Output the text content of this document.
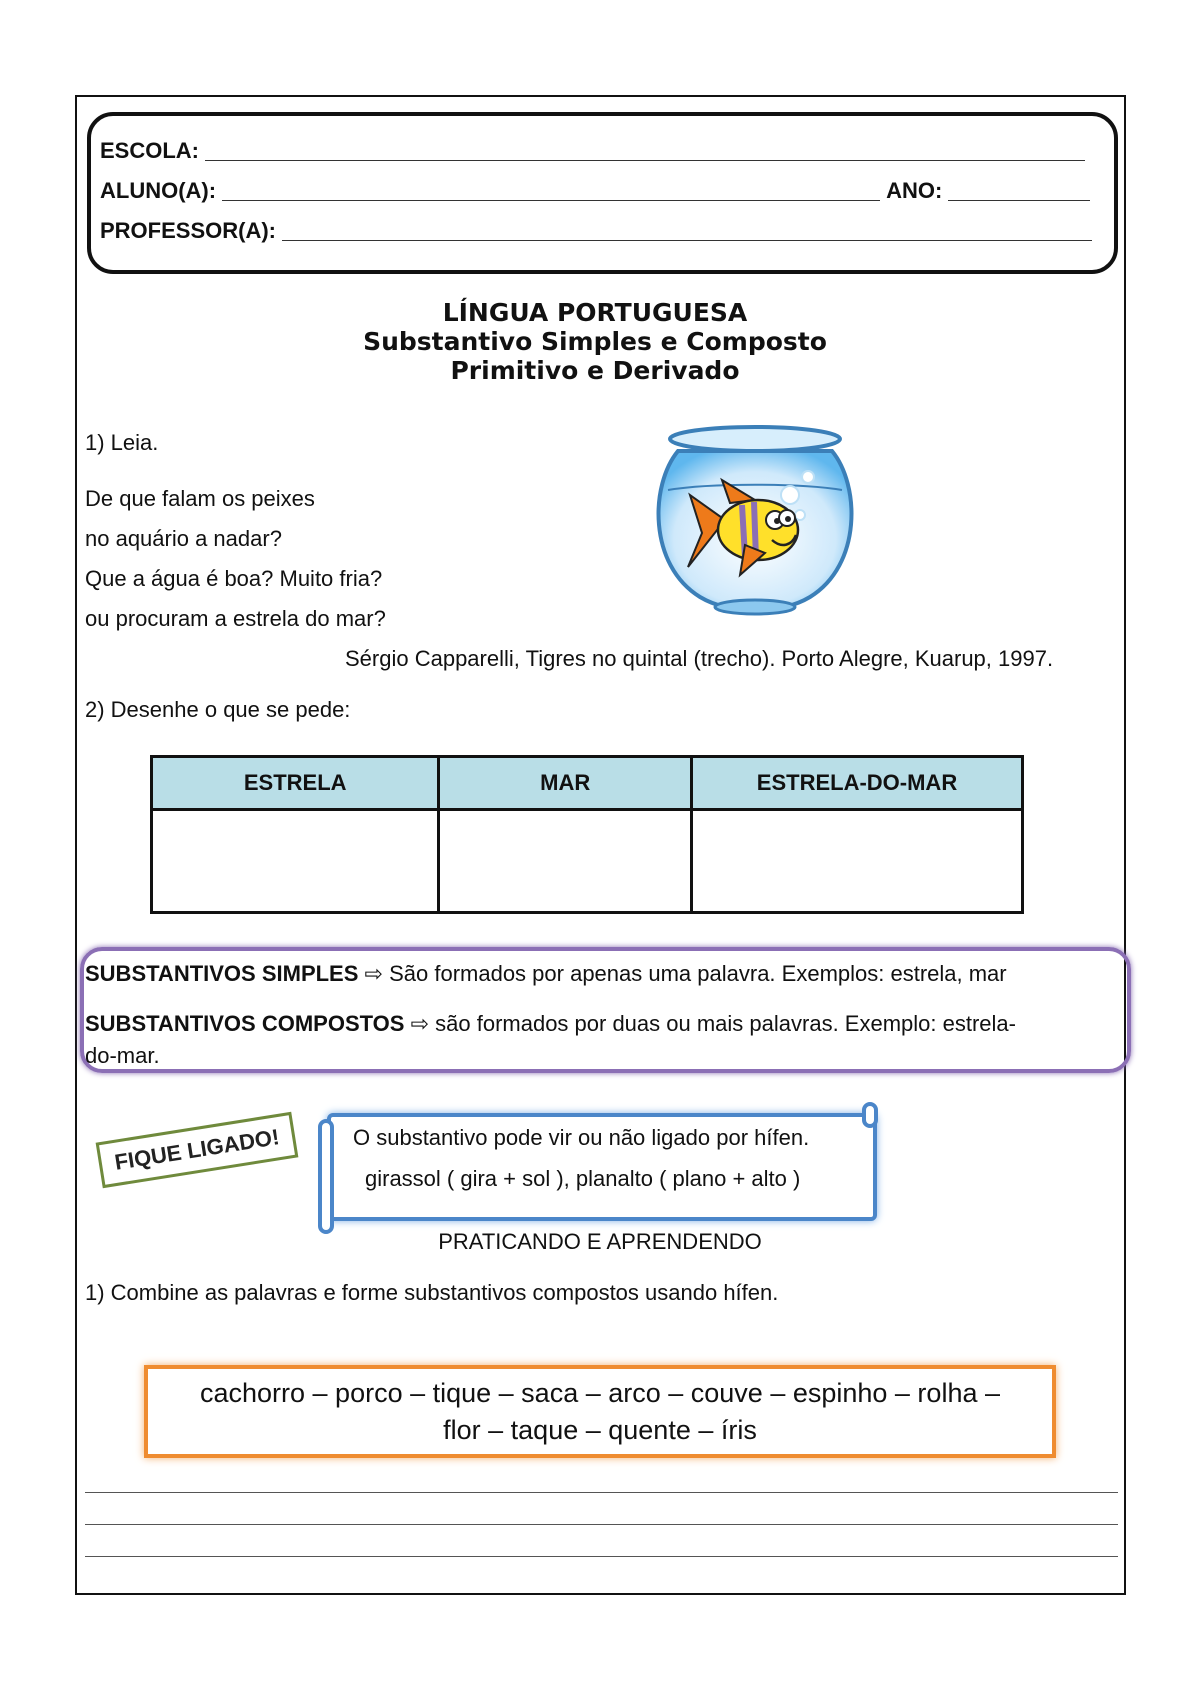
ESCOLA:
ALUNO(A):	ANO:
PROFESSOR(A):
LÍNGUA PORTUGUESA
Substantivo Simples e Composto
Primitivo e Derivado
1) Leia.
De que falam os peixes
no aquário a nadar?
Que a água é boa? Muito fria?
ou procuram a estrela do mar?
Sérgio Capparelli, Tigres no quintal (trecho). Porto Alegre, Kuarup, 1997.
2) Desenhe o que se pede:
ESTRELA	MAR	ESTRELA-DO-MAR

SUBSTANTIVOS SIMPLES ⇨ São formados por apenas uma palavra. Exemplos: estrela, mar
SUBSTANTIVOS COMPOSTOS ⇨ são formados por duas ou mais palavras. Exemplo: estrela-
do-mar.
FIQUE LIGADO!	O substantivo pode vir ou não ligado por hífen.
girassol ( gira + sol ), planalto ( plano + alto )
PRATICANDO E APRENDENDO
1) Combine as palavras e forme substantivos compostos usando hífen.
cachorro – porco – tique – saca – arco – couve – espinho – rolha –
flor – taque – quente – íris
